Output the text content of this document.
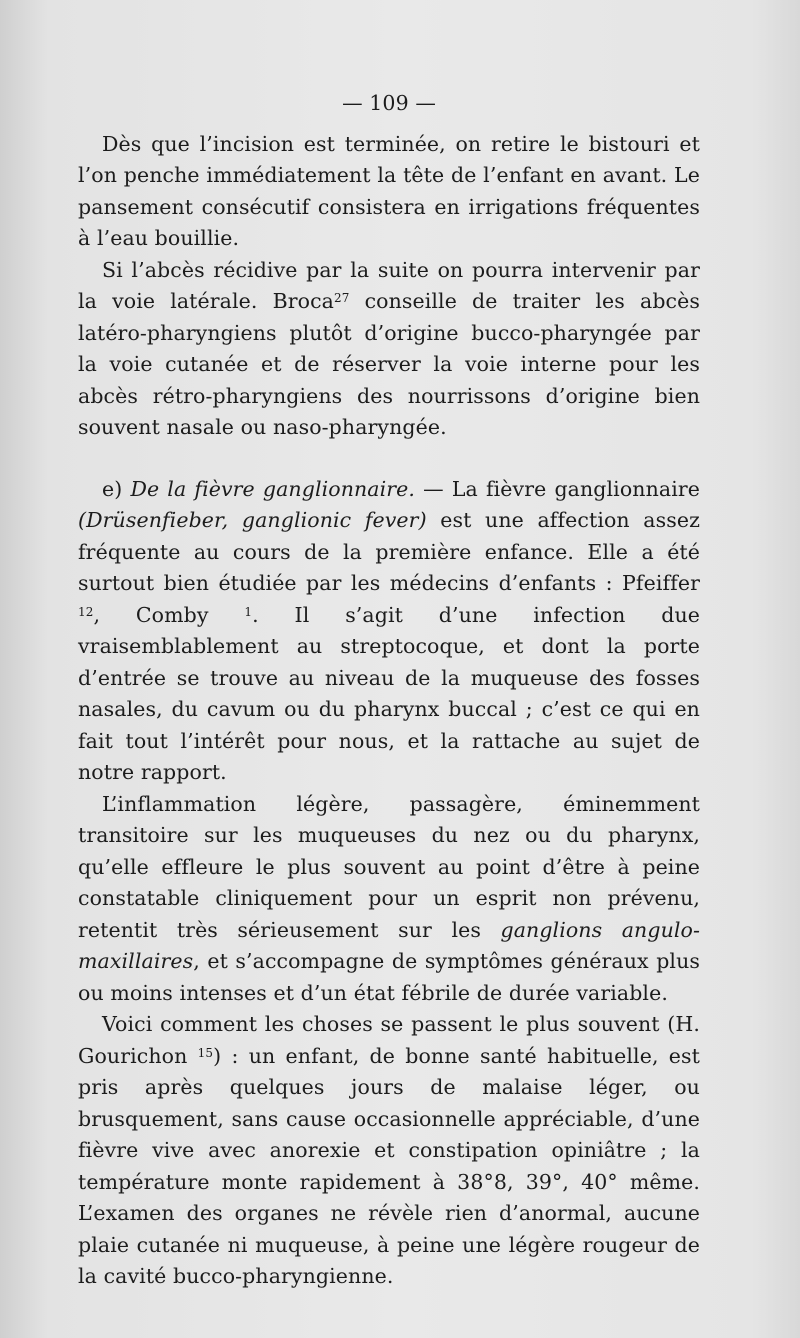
— 109 —

Dès que l’incision est terminée, on retire le bistouri et l’on penche immédiatement la tête de l’enfant en avant. Le pansement consécutif consistera en irrigations fréquentes à l’eau bouillie.

Si l’abcès récidive par la suite on pourra intervenir par la voie latérale. Broca$^{27}$ conseille de traiter les abcès latéro-pharyngiens plutôt d’origine bucco-pharyngée par la voie cutanée et de réserver la voie interne pour les abcès rétro-pharyngiens des nourrissons d’origine bien souvent nasale ou naso-pharyngée.

e) De la fièvre ganglionnaire. — La fièvre ganglionnaire (Drüsenfieber, ganglionic fever) est une affection assez fréquente au cours de la première enfance. Elle a été surtout bien étudiée par les médecins d’enfants : Pfeiffer $^{12}$, Comby $^1$. Il s’agit d’une infection due vraisemblablement au streptocoque, et dont la porte d’entrée se trouve au niveau de la muqueuse des fosses nasales, du cavum ou du pharynx buccal ; c’est ce qui en fait tout l’intérêt pour nous, et la rattache au sujet de notre rapport.

L’inflammation légère, passagère, éminemment transitoire sur les muqueuses du nez ou du pharynx, qu’elle effleure le plus souvent au point d’être à peine constatable cliniquement pour un esprit non prévenu, retentit très sérieusement sur les ganglions angulo-maxillaires, et s’accompagne de symptômes généraux plus ou moins intenses et d’un état fébrile de durée variable.

Voici comment les choses se passent le plus souvent (H. Gourichon $^{15}$) : un enfant, de bonne santé habituelle, est pris après quelques jours de malaise léger, ou brusquement, sans cause occasionnelle appréciable, d’une fièvre vive avec anorexie et constipation opiniâtre ; la température monte rapidement à 38°8, 39°, 40° même. L’examen des organes ne révèle rien d’anormal, aucune plaie cutanée ni muqueuse, à peine une légère rougeur de la cavité bucco-pharyngienne.
